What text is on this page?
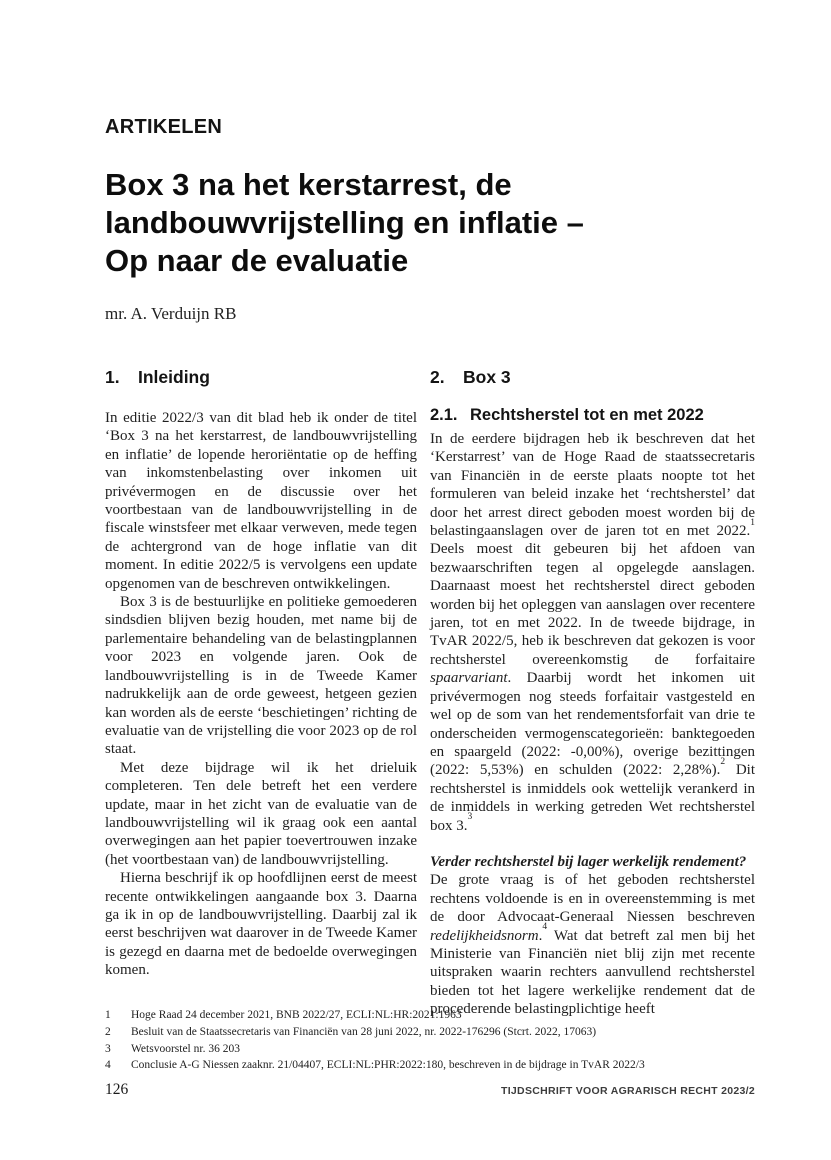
ARTIKELEN
Box 3 na het kerstarrest, de
landbouwvrijstelling en inflatie –
Op naar de evaluatie
mr. A. Verduijn RB
1. Inleiding

In editie 2022/3 van dit blad heb ik onder de titel ‘Box 3 na het kerstarrest, de landbouwvrijstelling en inflatie’ de lopende heroriëntatie op de heffing van inkomstenbelasting over inkomen uit privévermogen en de discussie over het voortbestaan van de landbouwvrijstelling in de fiscale winstsfeer met elkaar verweven, mede tegen de achtergrond van de hoge inflatie van dit moment. In editie 2022/5 is vervolgens een update opgenomen van de beschreven ontwikkelingen.

Box 3 is de bestuurlijke en politieke gemoederen sindsdien blijven bezig houden, met name bij de parlementaire behandeling van de belastingplannen voor 2023 en volgende jaren. Ook de landbouwvrijstelling is in de Tweede Kamer nadrukkelijk aan de orde geweest, hetgeen gezien kan worden als de eerste ‘beschietingen’ richting de evaluatie van de vrijstelling die voor 2023 op de rol staat.

Met deze bijdrage wil ik het drieluik completeren. Ten dele betreft het een verdere update, maar in het zicht van de evaluatie van de landbouwvrijstelling wil ik graag ook een aantal overwegingen aan het papier toevertrouwen inzake (het voortbestaan van) de landbouwvrijstelling.

Hierna beschrijf ik op hoofdlijnen eerst de meest recente ontwikkelingen aangaande box 3. Daarna ga ik in op de landbouwvrijstelling. Daarbij zal ik eerst beschrijven wat daarover in de Tweede Kamer is gezegd en daarna met de bedoelde overwegingen komen.

2. Box 3
2.1. Rechtsherstel tot en met 2022

In de eerdere bijdragen heb ik beschreven dat het ‘Kerstarrest’ van de Hoge Raad de staatssecretaris van Financiën in de eerste plaats noopte tot het formuleren van beleid inzake het ‘rechtsherstel’ dat door het arrest direct geboden moest worden bij de belastingaanslagen over de jaren tot en met 2022.$^1$ Deels moest dit gebeuren bij het afdoen van bezwaarschriften tegen al opgelegde aanslagen. Daarnaast moest het rechtsherstel direct geboden worden bij het opleggen van aanslagen over recentere jaren, tot en met 2022. In de tweede bijdrage, in TvAR 2022/5, heb ik beschreven dat gekozen is voor rechtsherstel overeenkomstig de forfaitaire spaarvariant. Daarbij wordt het inkomen uit privévermogen nog steeds forfaitair vastgesteld en wel op de som van het rendementsforfait van drie te onderscheiden vermogenscategorieën: banktegoeden en spaargeld (2022: -0,00%), overige bezittingen (2022: 5,53%) en schulden (2022: 2,28%).$^2$ Dit rechtsherstel is inmiddels ook wettelijk verankerd in de inmiddels in werking getreden Wet rechtsherstel box 3.$^3$

Verder rechtsherstel bij lager werkelijk rendement?

De grote vraag is of het geboden rechtsherstel rechtens voldoende is en in overeenstemming is met de door Advocaat-Generaal Niessen beschreven redelijkheidsnorm.$^4$ Wat dat betreft zal men bij het Ministerie van Financiën niet blij zijn met recente uitspraken waarin rechters aanvullend rechtsherstel bieden tot het lagere werkelijke rendement dat de procederende belastingplichtige heeft

1	Hoge Raad 24 december 2021, BNB 2022/27, ECLI:NL:HR:2021:1963
2	Besluit van de Staatssecretaris van Financiën van 28 juni 2022, nr. 2022-176296 (Stcrt. 2022, 17063)
3	Wetsvoorstel nr. 36 203
4	Conclusie A-G Niessen zaaknr. 21/04407, ECLI:NL:PHR:2022:180, beschreven in de bijdrage in TvAR 2022/3
126	TIJDSCHRIFT VOOR AGRARISCH RECHT 2023/2
